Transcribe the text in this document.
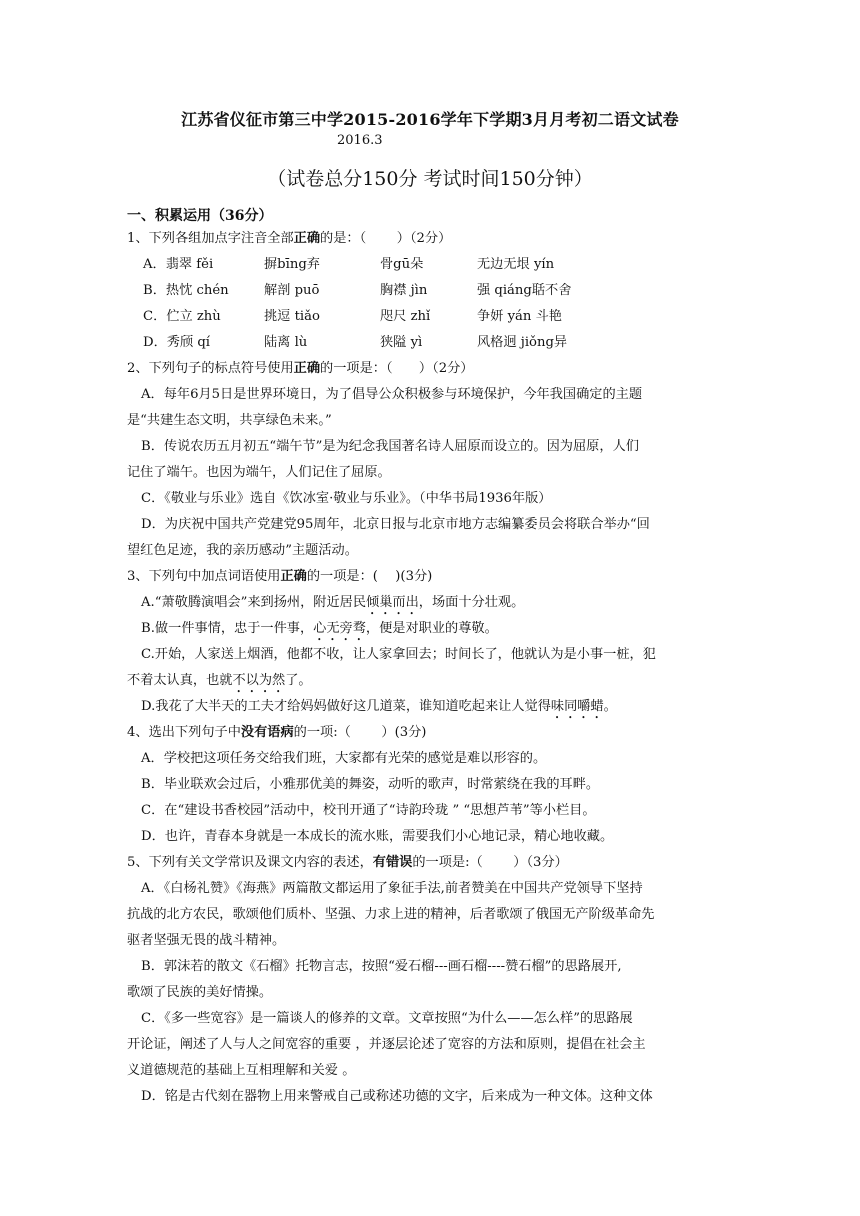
江苏省仪征市第三中学2015-2016学年下学期3月月考初二语文试卷
2016.3
（试卷总分150分 考试时间150分钟）
一、积累运用（36分）
1、下列各组加点字注音全部正确的是：（　　 ）（2分）
A．翡翠 fěi	摒bīng弃	骨gū朵	无边无垠 yín
B．热忱 chén	解剖 puō	胸襟 jìn	强 qiáng聒不舍
C．伫立 zhù	挑逗 tiǎo	咫尺 zhǐ	争妍 yán 斗艳
D．秀颀 qí	陆离 lù	狭隘 yì	风格迥 jiǒng异
2、下列句子的标点符号使用正确的一项是：（　　）（2分）
A．每年6月5日是世界环境日，为了倡导公众积极参与环境保护，今年我国确定的主题
是“共建生态文明，共享绿色未来。”
B．传说农历五月初五“端午节”是为纪念我国著名诗人屈原而设立的。因为屈原，人们
记住了端午。也因为端午，人们记住了屈原。
C．《敬业与乐业》选自《饮冰室·敬业与乐业》。（中华书局1936年版）
D．为庆祝中国共产党建党95周年，北京日报与北京市地方志编纂委员会将联合举办“回
望红色足迹，我的亲历感动”主题活动。
3、下列句中加点词语使用正确的一项是：(　 )(3分)
A.“萧敬腾演唱会”来到扬州，附近居民倾巢而出，场面十分壮观。
B.做一件事情，忠于一件事，心无旁骛，便是对职业的尊敬。
C.开始，人家送上烟酒，他都不收，让人家拿回去；时间长了，他就认为是小事一桩，犯
不着太认真，也就不以为然了。
D.我花了大半天的工夫才给妈妈做好这几道菜，谁知道吃起来让人觉得味同嚼蜡。
4、选出下列句子中没有语病的一项:（　　 ）(3分)
A．学校把这项任务交给我们班，大家都有光荣的感觉是难以形容的。
B．毕业联欢会过后，小雅那优美的舞姿，动听的歌声，时常萦绕在我的耳畔。
C．在“建设书香校园”活动中，校刊开通了“诗韵玲珑 ” “思想芦苇”等小栏目。
D．也许，青春本身就是一本成长的流水账，需要我们小心地记录，精心地收藏。
5、下列有关文学常识及课文内容的表述，有错误的一项是:（　　 ）（3分）
A．《白杨礼赞》《海燕》两篇散文都运用了象征手法,前者赞美在中国共产党领导下坚持
抗战的北方农民，歌颂他们质朴、坚强、力求上进的精神，后者歌颂了俄国无产阶级革命先
驱者坚强无畏的战斗精神。
B．郭沫若的散文《石榴》托物言志，按照“爱石榴---画石榴----赞石榴”的思路展开,
歌颂了民族的美好情操。
C．《多一些宽容》是一篇谈人的修养的文章。文章按照“为什么——怎么样”的思路展
开论证，阐述了人与人之间宽容的重要 ，并逐层论述了宽容的方法和原则，提倡在社会主
义道德规范的基础上互相理解和关爱 。
D．铭是古代刻在器物上用来警戒自己或称述功德的文字，后来成为一种文体。这种文体
